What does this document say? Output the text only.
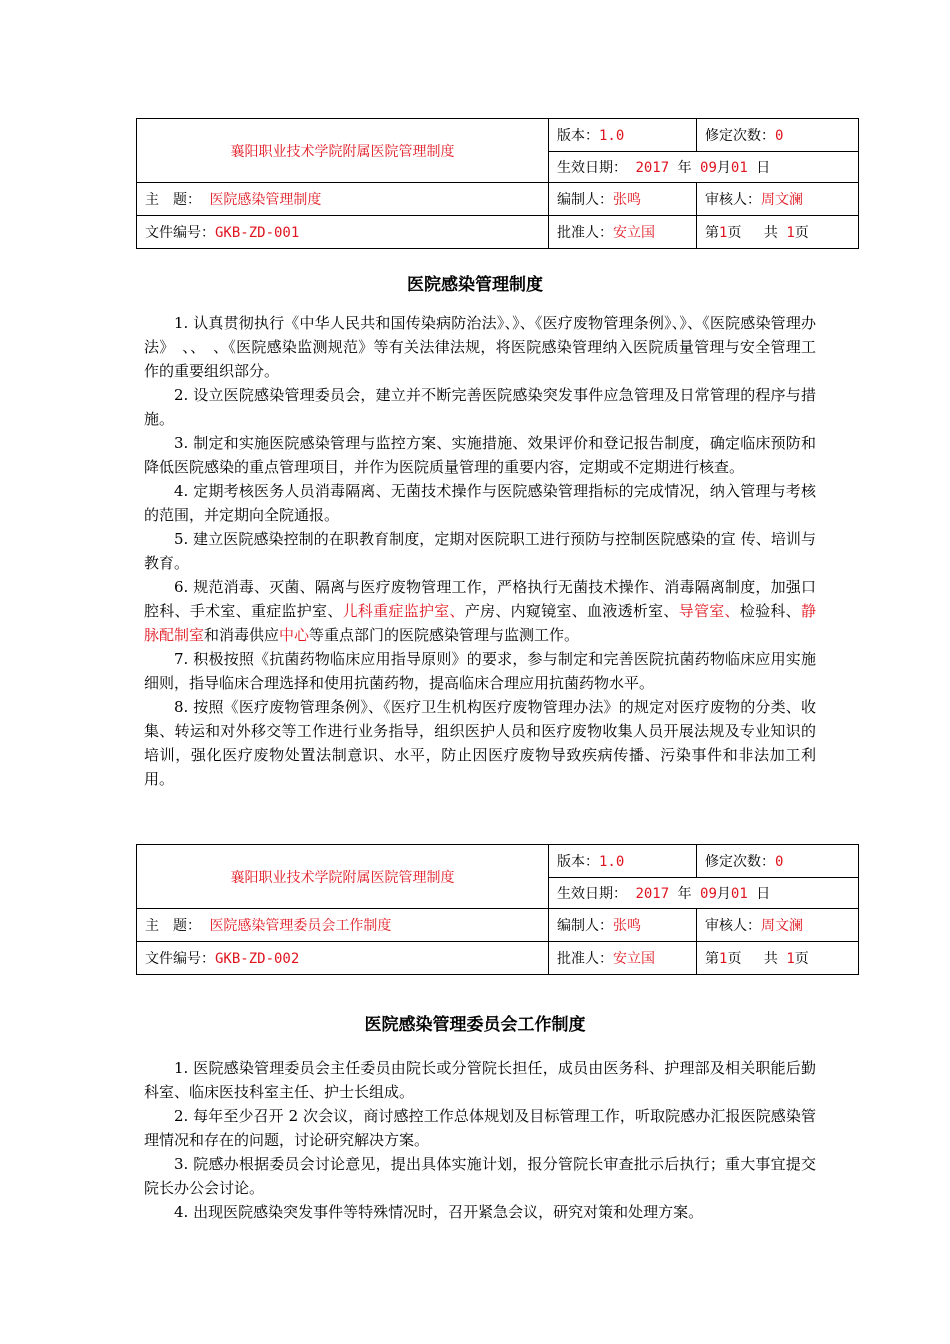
襄阳职业技术学院附属医院管理制度	版本：1.0	修定次数：0
	生效日期： 2017 年 09月01 日	
主　题： 医院感染管理制度	编制人：张鸣	审核人：周文澜
文件编号：GKB-ZD-001	批准人：安立国	第1页　 共 1页
医院感染管理制度

1. 认真贯彻执行《中华人民共和国传染病防治法》、》、《医疗废物管理条例》、》、《医院感染管理办法》　、、　、《医院感染监测规范》等有关法律法规，将医院感染管理纳入医院质量管理与安全管理工作的重要组织部分。

2. 设立医院感染管理委员会，建立并不断完善医院感染突发事件应急管理及日常管理的程序与措施。

3. 制定和实施医院感染管理与监控方案、实施措施、效果评价和登记报告制度，确定临床预防和降低医院感染的重点管理项目，并作为医院质量管理的重要内容，定期或不定期进行核查。

4. 定期考核医务人员消毒隔离、无菌技术操作与医院感染管理指标的完成情况，纳入管理与考核的范围，并定期向全院通报。

5. 建立医院感染控制的在职教育制度，定期对医院职工进行预防与控制医院感染的宣 传、培训与教育。

6. 规范消毒、灭菌、隔离与医疗废物管理工作，严格执行无菌技术操作、消毒隔离制度，加强口腔科、手术室、重症监护室、儿科重症监护室、产房、内窥镜室、血液透析室、导管室、检验科、静脉配制室和消毒供应中心等重点部门的医院感染管理与监测工作。

7. 积极按照《抗菌药物临床应用指导原则》的要求，参与制定和完善医院抗菌药物临床应用实施细则，指导临床合理选择和使用抗菌药物，提高临床合理应用抗菌药物水平。

8. 按照《医疗废物管理条例》、《医疗卫生机构医疗废物管理办法》的规定对医疗废物的分类、收集、转运和对外移交等工作进行业务指导，组织医护人员和医疗废物收集人员开展法规及专业知识的培训，强化医疗废物处置法制意识、水平，防止因医疗废物导致疾病传播、污染事件和非法加工利用。

襄阳职业技术学院附属医院管理制度	版本：1.0	修定次数：0
	生效日期： 2017 年 09月01 日	
主　题： 医院感染管理委员会工作制度	编制人：张鸣	审核人：周文澜
文件编号：GKB-ZD-002	批准人：安立国	第1页　 共 1页
医院感染管理委员会工作制度

1. 医院感染管理委员会主任委员由院长或分管院长担任，成员由医务科、护理部及相关职能后勤科室、临床医技科室主任、护士长组成。

2. 每年至少召开 2 次会议，商讨感控工作总体规划及目标管理工作，听取院感办汇报医院感染管理情况和存在的问题，讨论研究解决方案。

3. 院感办根据委员会讨论意见，提出具体实施计划，报分管院长审查批示后执行；重大事宜提交院长办公会讨论。

4. 出现医院感染突发事件等特殊情况时，召开紧急会议，研究对策和处理方案。
